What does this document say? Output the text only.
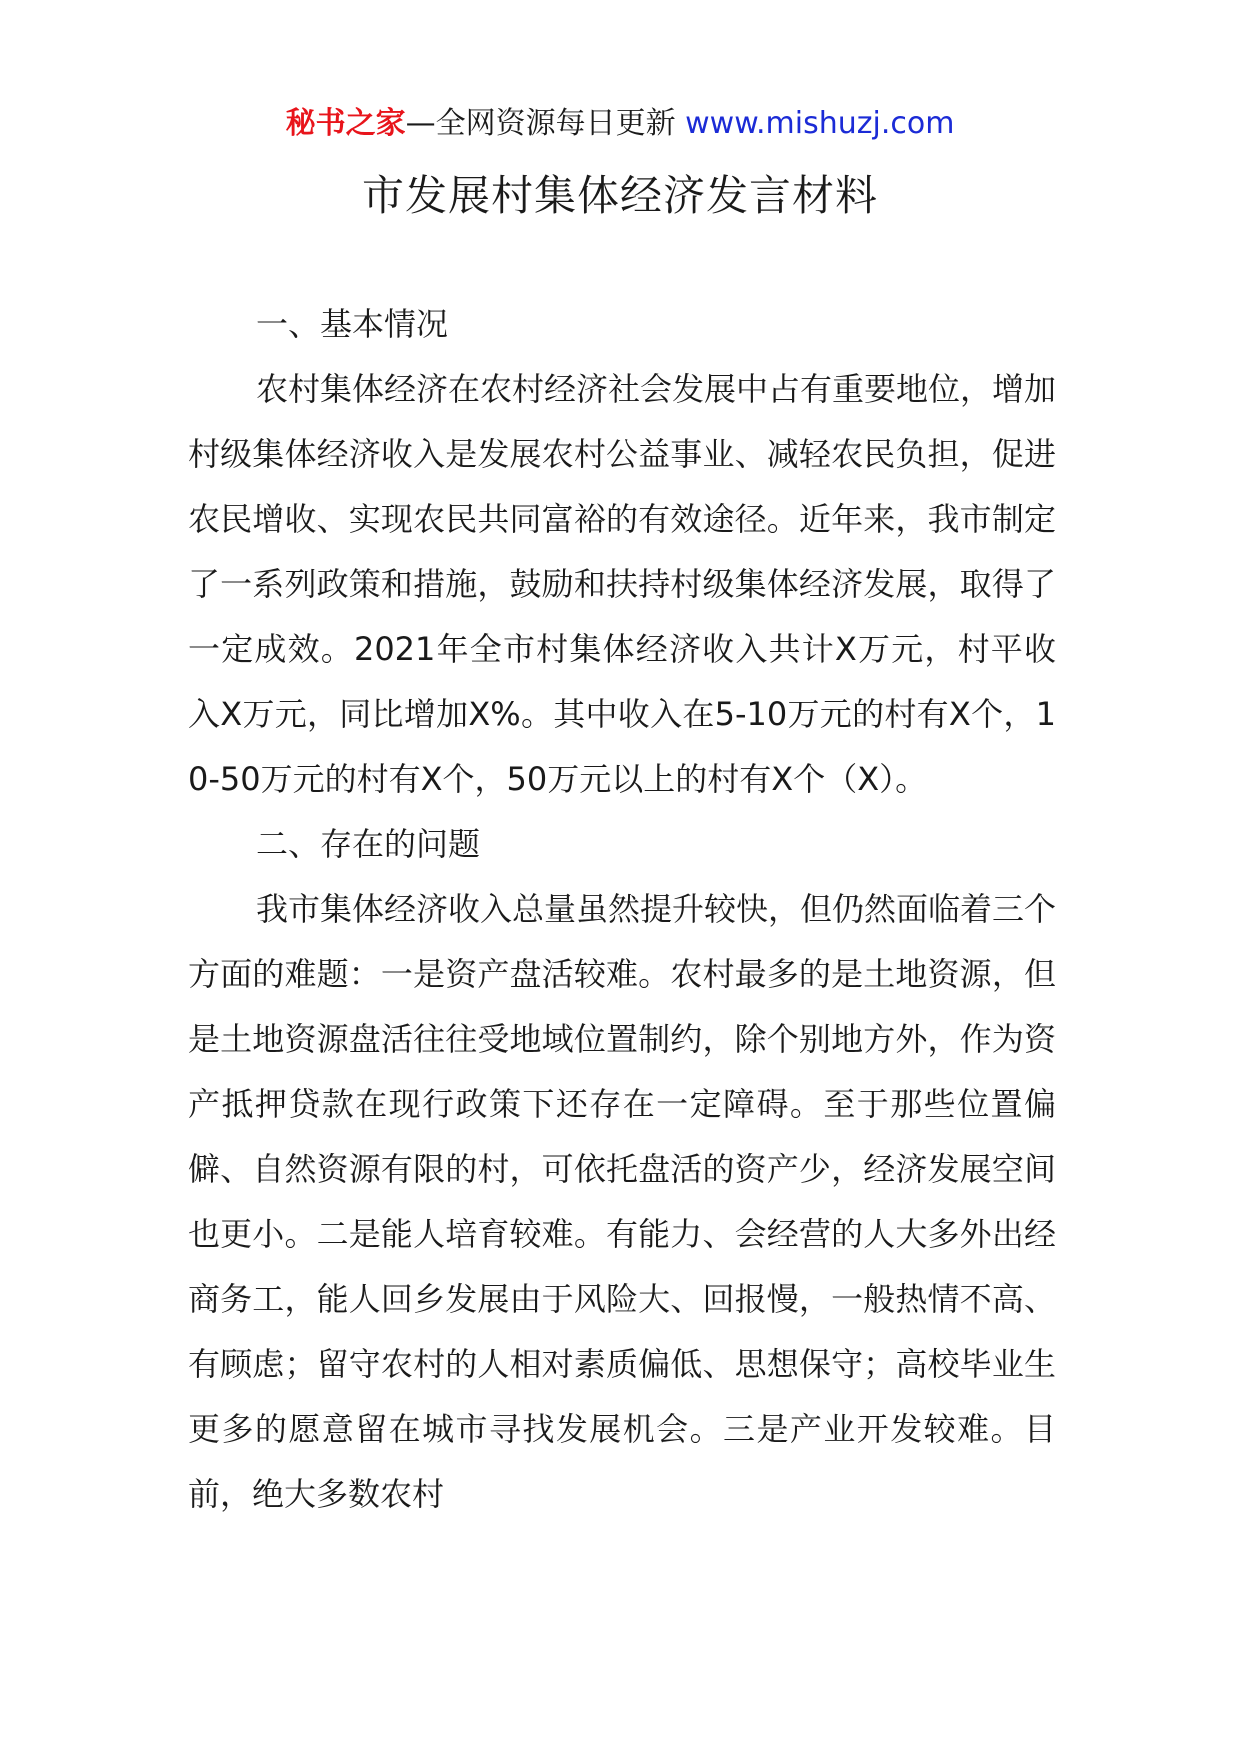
秘书之家—全网资源每日更新 www.mishuzj.com
市发展村集体经济发言材料

一、基本情况

农村集体经济在农村经济社会发展中占有重要地位，增加村级集体经济收入是发展农村公益事业、减轻农民负担，促进农民增收、实现农民共同富裕的有效途径。近年来，我市制定了一系列政策和措施，鼓励和扶持村级集体经济发展，取得了一定成效。2021年全市村集体经济收入共计X万元，村平收入X万元，同比增加X%。其中收入在5-10万元的村有X个，10-50万元的村有X个，50万元以上的村有X个（X）。

二、存在的问题

我市集体经济收入总量虽然提升较快，但仍然面临着三个方面的难题：一是资产盘活较难。农村最多的是土地资源，但是土地资源盘活往往受地域位置制约，除个别地方外，作为资产抵押贷款在现行政策下还存在一定障碍。至于那些位置偏僻、自然资源有限的村，可依托盘活的资产少，经济发展空间也更小。二是能人培育较难。有能力、会经营的人大多外出经商务工，能人回乡发展由于风险大、回报慢，一般热情不高、有顾虑；留守农村的人相对素质偏低、思想保守；高校毕业生更多的愿意留在城市寻找发展机会。三是产业开发较难。目前，绝大多数农村
